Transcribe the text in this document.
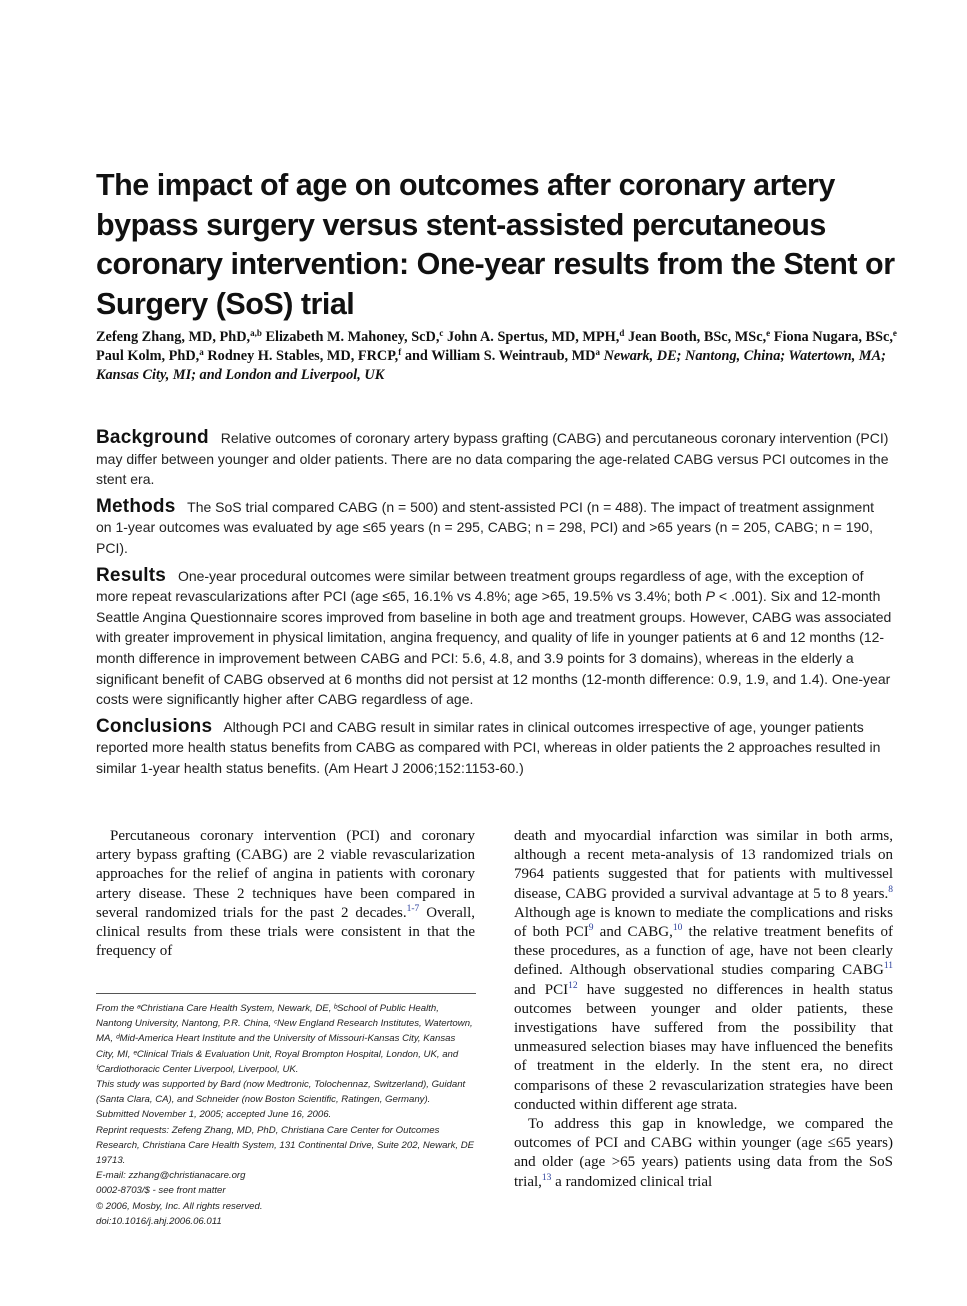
The impact of age on outcomes after coronary artery bypass surgery versus stent-assisted percutaneous coronary intervention: One-year results from the Stent or Surgery (SoS) trial

Zefeng Zhang, MD, PhD,$^{a,b}$ Elizabeth M. Mahoney, ScD,$^c$ John A. Spertus, MD, MPH,$^d$ Jean Booth, BSc, MSc,$^e$ Fiona Nugara, BSc,$^e$ Paul Kolm, PhD,$^a$ Rodney H. Stables, MD, FRCP,$^f$ and William S. Weintraub, $MD^a$ Newark, DE; Nantong, China; Watertown, MA; Kansas City, MI; and London and Liverpool, UK

Background Relative outcomes of coronary artery bypass grafting (CABG) and percutaneous coronary intervention (PCI) may differ between younger and older patients. There are no data comparing the age-related CABG versus PCI outcomes in the stent era.

Methods The SoS trial compared CABG (n = 500) and stent-assisted PCI (n = 488). The impact of treatment assignment on 1-year outcomes was evaluated by age ≤65 years (n = 295, CABG; n = 298, PCI) and >65 years (n = 205, CABG; n = 190, PCI).

Results One-year procedural outcomes were similar between treatment groups regardless of age, with the exception of more repeat revascularizations after PCI (age ≤65, 16.1% vs 4.8%; age >65, 19.5% vs 3.4%; both P < .001). Six and 12-month Seattle Angina Questionnaire scores improved from baseline in both age and treatment groups. However, CABG was associated with greater improvement in physical limitation, angina frequency, and quality of life in younger patients at 6 and 12 months (12-month difference in improvement between CABG and PCI: 5.6, 4.8, and 3.9 points for 3 domains), whereas in the elderly a significant benefit of CABG observed at 6 months did not persist at 12 months (12-month difference: 0.9, 1.9, and 1.4). One-year costs were significantly higher after CABG regardless of age.

Conclusions Although PCI and CABG result in similar rates in clinical outcomes irrespective of age, younger patients reported more health status benefits from CABG as compared with PCI, whereas in older patients the 2 approaches resulted in similar 1-year health status benefits. (Am Heart J 2006;152:1153-60.)

Percutaneous coronary intervention (PCI) and coronary artery bypass grafting (CABG) are 2 viable revascularization approaches for the relief of angina in patients with coronary artery disease. These 2 techniques have been compared in several randomized trials for the past 2 decades.$^{1-7}$ Overall, clinical results from these trials were consistent in that the frequency of

From the ᵃChristiana Care Health System, Newark, DE, ᵇSchool of Public Health, Nantong University, Nantong, P.R. China, ᶜNew England Research Institutes, Watertown, MA, ᵈMid-America Heart Institute and the University of Missouri-Kansas City, Kansas City, MI, ᵉClinical Trials & Evaluation Unit, Royal Brompton Hospital, London, UK, and ᶠCardiothoracic Center Liverpool, Liverpool, UK.

This study was supported by Bard (now Medtronic, Tolochennaz, Switzerland), Guidant (Santa Clara, CA), and Schneider (now Boston Scientific, Ratingen, Germany).

Submitted November 1, 2005; accepted June 16, 2006.

Reprint requests: Zefeng Zhang, MD, PhD, Christiana Care Center for Outcomes Research, Christiana Care Health System, 131 Continental Drive, Suite 202, Newark, DE 19713.

E-mail: zzhang@christianacare.org

0002-8703/$ - see front matter

© 2006, Mosby, Inc. All rights reserved.

doi:10.1016/j.ahj.2006.06.011

death and myocardial infarction was similar in both arms, although a recent meta-analysis of 13 randomized trials on 7964 patients suggested that for patients with multivessel disease, CABG provided a survival advantage at 5 to 8 years.$^8$ Although age is known to mediate the complications and risks of both PCI$^9$ and CABG,$^{10}$ the relative treatment benefits of these procedures, as a function of age, have not been clearly defined. Although observational studies comparing CABG$^{11}$ and PCI$^{12}$ have suggested no differences in health status outcomes between younger and older patients, these investigations have suffered from the possibility that unmeasured selection biases may have influenced the benefits of treatment in the elderly. In the stent era, no direct comparisons of these 2 revascularization strategies have been conducted within different age strata.

To address this gap in knowledge, we compared the outcomes of PCI and CABG within younger (age ≤65 years) and older (age >65 years) patients using data from the SoS trial,$^{13}$ a randomized clinical trial
